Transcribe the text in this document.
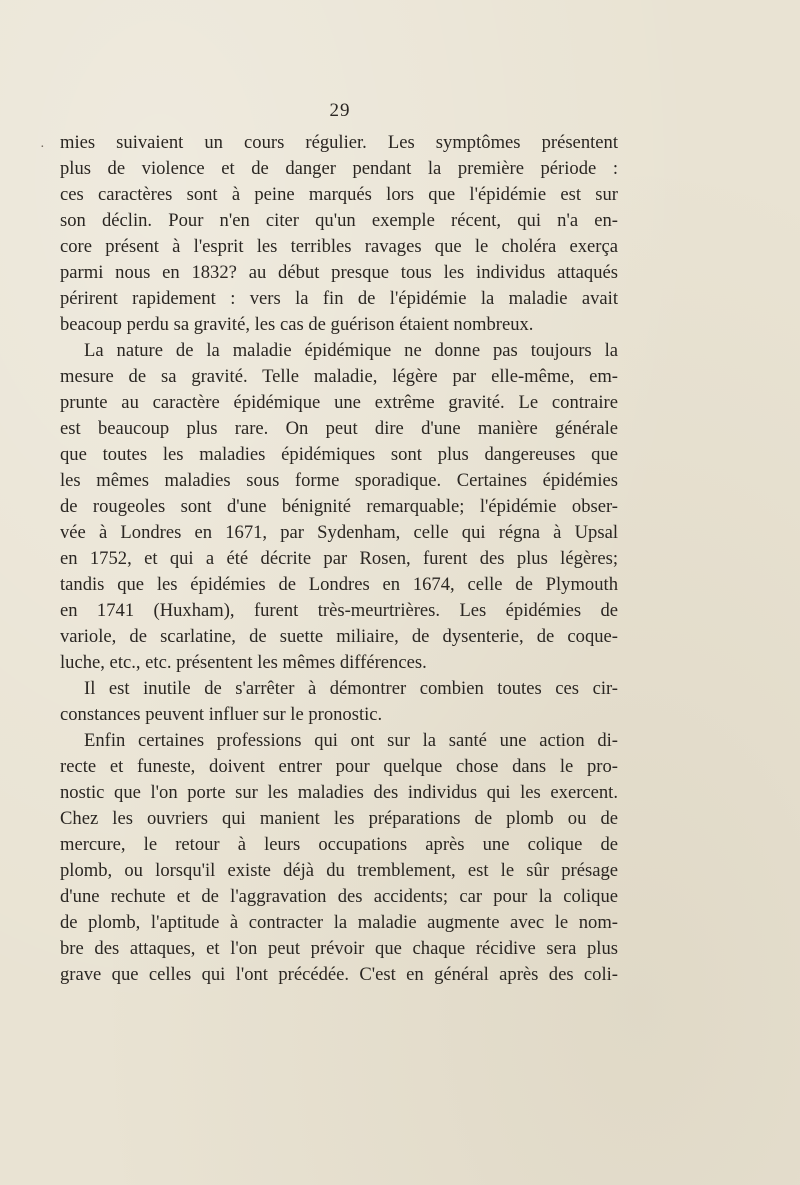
29
· mies suivaient un cours régulier. Les symptômes présentent
plus de violence et de danger pendant la première période :
ces caractères sont à peine marqués lors que l'épidémie est sur
son déclin. Pour n'en citer qu'un exemple récent, qui n'a en-
core présent à l'esprit les terribles ravages que le choléra exerça
parmi nous en 1832? au début presque tous les individus attaqués
périrent rapidement : vers la fin de l'épidémie la maladie avait
beacoup perdu sa gravité, les cas de guérison étaient nombreux.
La nature de la maladie épidémique ne donne pas toujours la
mesure de sa gravité. Telle maladie, légère par elle-même, em-
prunte au caractère épidémique une extrême gravité. Le contraire
est beaucoup plus rare. On peut dire d'une manière générale
que toutes les maladies épidémiques sont plus dangereuses que
les mêmes maladies sous forme sporadique. Certaines épidémies
de rougeoles sont d'une bénignité remarquable; l'épidémie obser-
vée à Londres en 1671, par Sydenham, celle qui régna à Upsal
en 1752, et qui a été décrite par Rosen, furent des plus légères;
tandis que les épidémies de Londres en 1674, celle de Plymouth
en 1741 (Huxham), furent très-meurtrières. Les épidémies de
variole, de scarlatine, de suette miliaire, de dysenterie, de coque-
luche, etc., etc. présentent les mêmes différences.
Il est inutile de s'arrêter à démontrer combien toutes ces cir-
constances peuvent influer sur le pronostic.
Enfin certaines professions qui ont sur la santé une action di-
recte et funeste, doivent entrer pour quelque chose dans le pro-
nostic que l'on porte sur les maladies des individus qui les exercent.
Chez les ouvriers qui manient les préparations de plomb ou de
mercure, le retour à leurs occupations après une colique de
plomb, ou lorsqu'il existe déjà du tremblement, est le sûr présage
d'une rechute et de l'aggravation des accidents; car pour la colique
de plomb, l'aptitude à contracter la maladie augmente avec le nom-
bre des attaques, et l'on peut prévoir que chaque récidive sera plus
grave que celles qui l'ont précédée. C'est en général après des coli-
